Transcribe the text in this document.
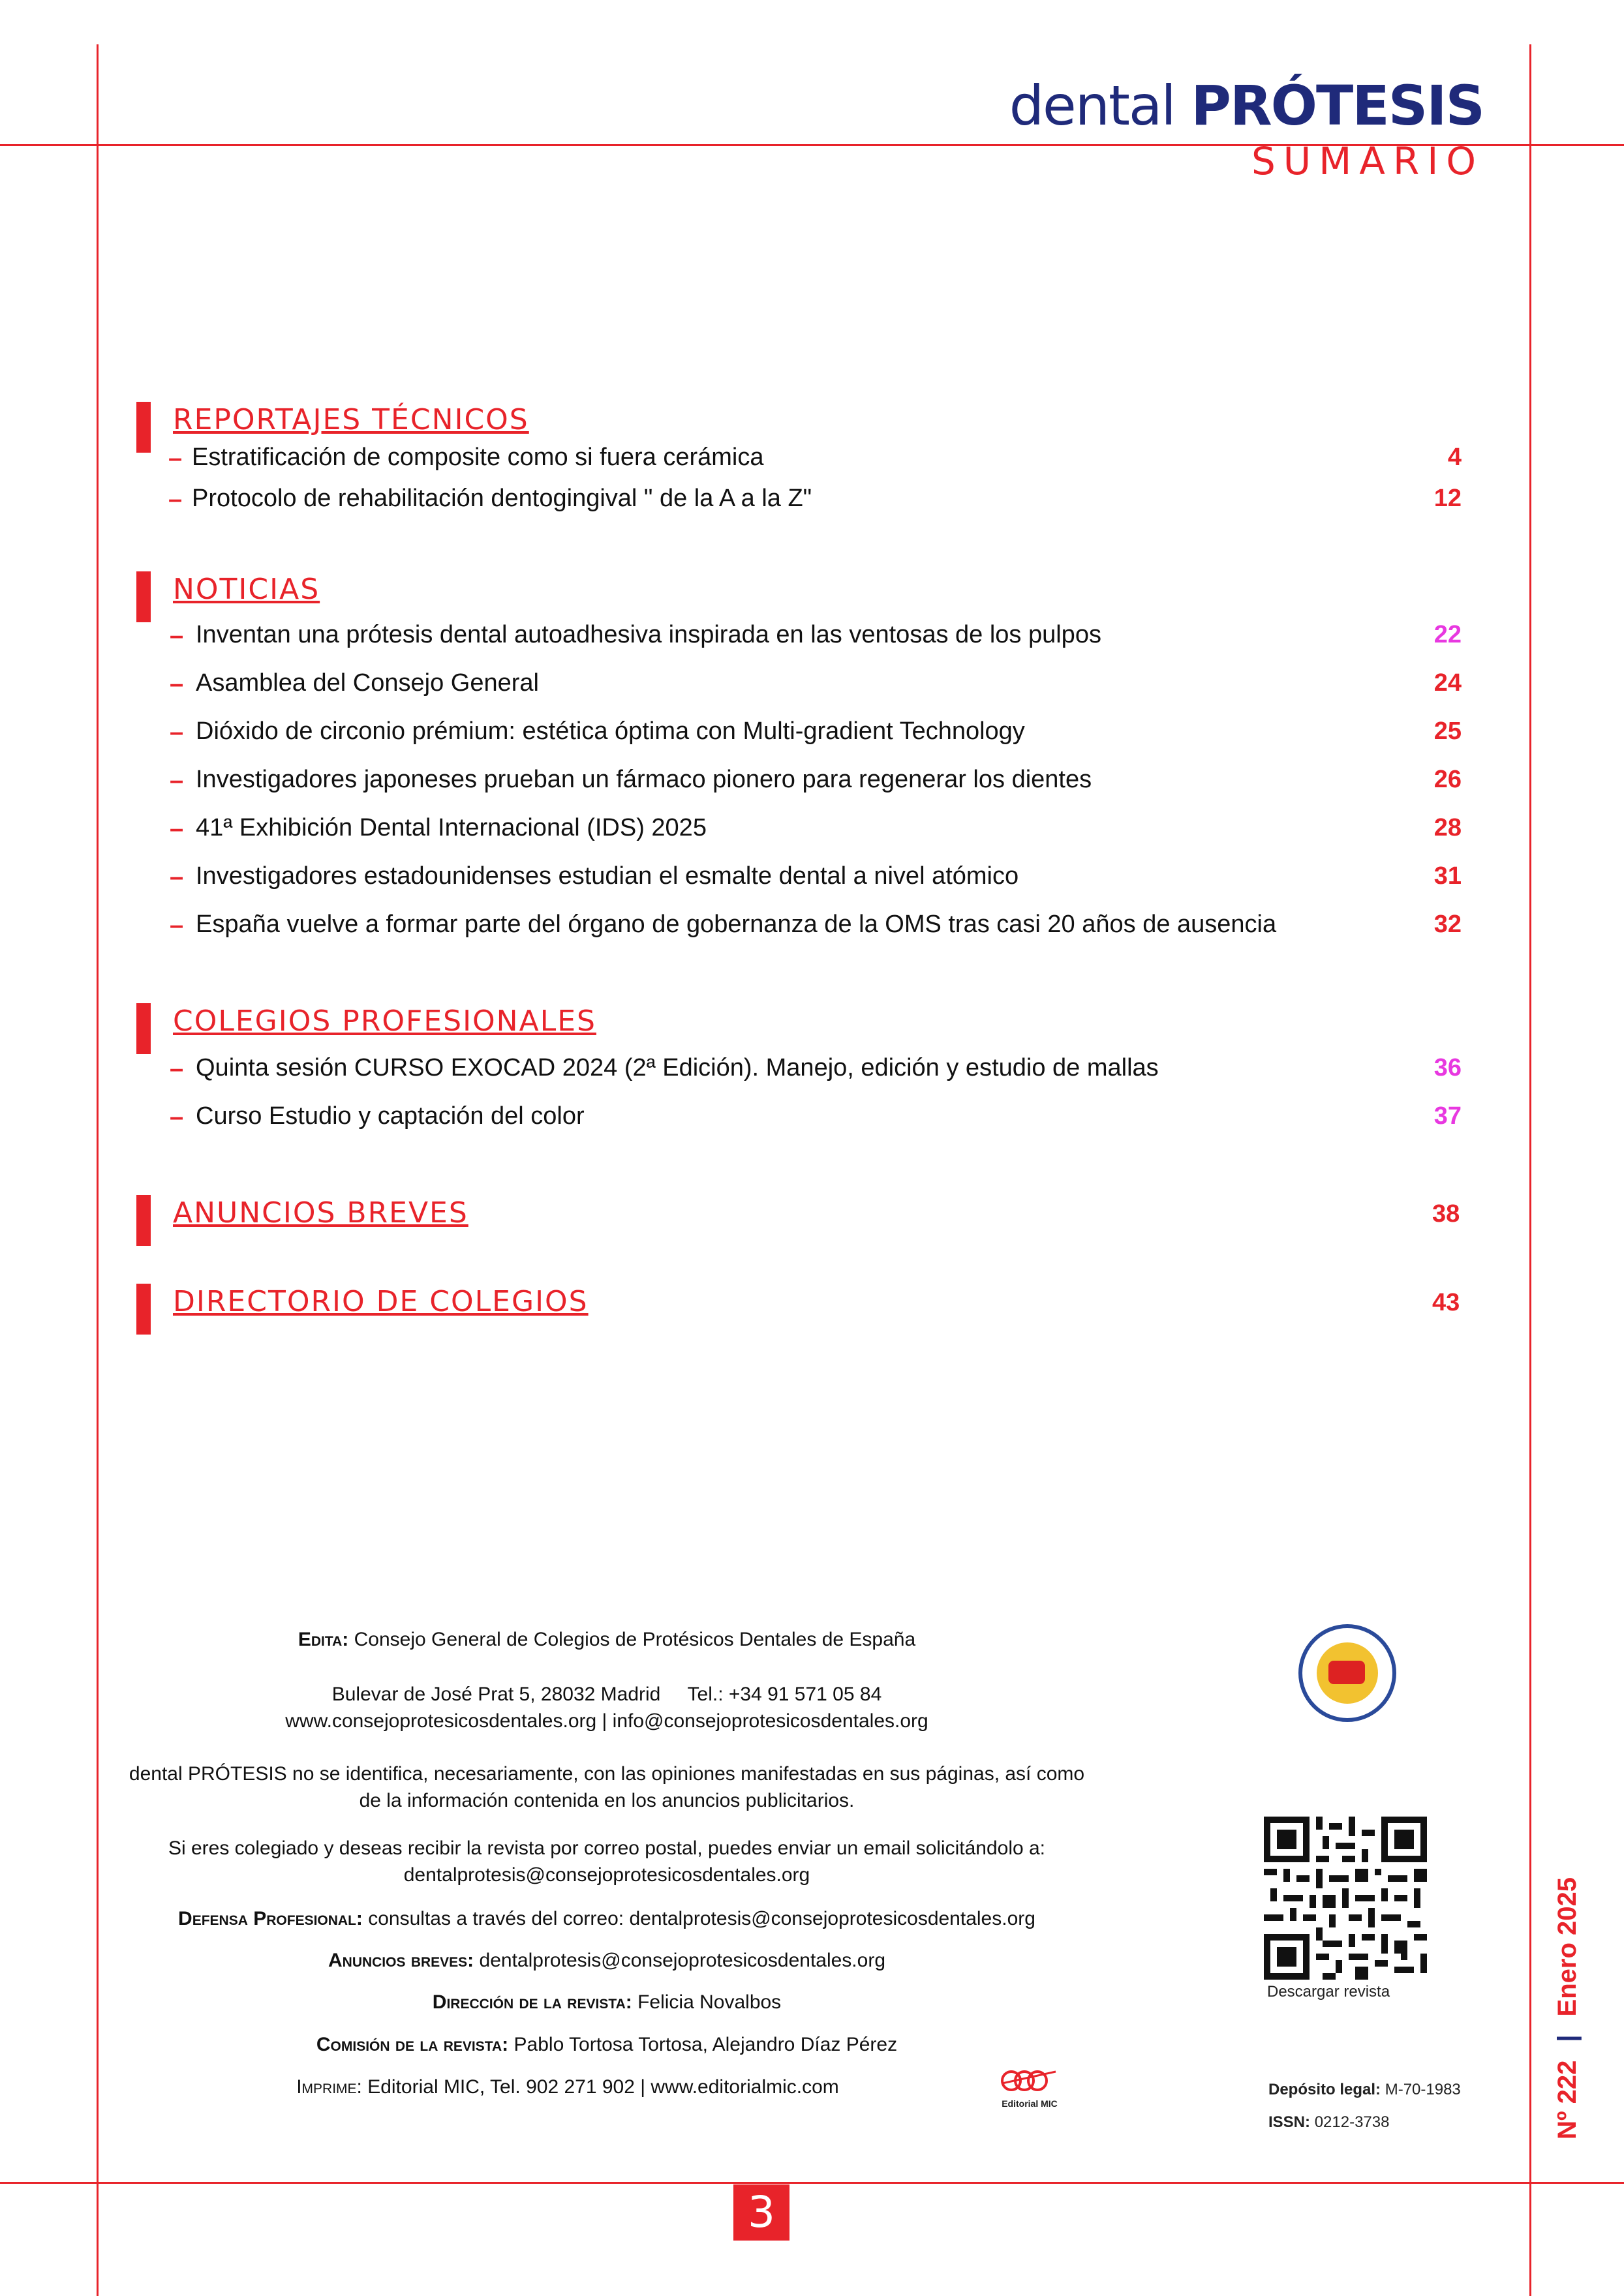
dental PRÓTESIS
SUMARIO
REPORTAJES TÉCNICOS
– Estratificación de composite como si fuera cerámica	4
– Protocolo de rehabilitación dentogingival " de la A a la Z"	12
NOTICIAS
– Inventan una prótesis dental autoadhesiva inspirada en las ventosas de los pulpos	22
– Asamblea del Consejo General	24
– Dióxido de circonio prémium: estética óptima con Multi-gradient Technology	25
– Investigadores japoneses prueban un fármaco pionero para regenerar los dientes	26
– 41ª Exhibición Dental Internacional (IDS) 2025	28
– Investigadores estadounidenses estudian el esmalte dental a nivel atómico	31
– España vuelve a formar parte del órgano de gobernanza de la OMS tras casi 20 años de ausencia	32
COLEGIOS PROFESIONALES
– Quinta sesión CURSO EXOCAD 2024 (2ª Edición). Manejo, edición y estudio de mallas	36
– Curso Estudio y captación del color	37
ANUNCIOS BREVES	38
DIRECTORIO DE COLEGIOS	43
Edita: Consejo General de Colegios de Protésicos Dentales de España
Bulevar de José Prat 5, 28032 Madrid Tel.: +34 91 571 05 84
www.consejoprotesicosdentales.org | info@consejoprotesicosdentales.org
dental PRÓTESIS no se identifica, necesariamente, con las opiniones manifestadas en sus páginas, así como
de la información contenida en los anuncios publicitarios.
Si eres colegiado y deseas recibir la revista por correo postal, puedes enviar un email solicitándolo a:
dentalprotesis@consejoprotesicosdentales.org
Defensa Profesional: consultas a través del correo: dentalprotesis@consejoprotesicosdentales.org
Anuncios breves: dentalprotesis@consejoprotesicosdentales.org
Dirección de la revista: Felicia Novalbos
Comisión de la revista: Pablo Tortosa Tortosa, Alejandro Díaz Pérez
Imprime: Editorial MIC, Tel. 902 271 902 | www.editorialmic.com
Editorial MIC
Descargar revista
Depósito legal: M-70-1983
ISSN: 0212-3738	Nº 222|Enero 2025
3
